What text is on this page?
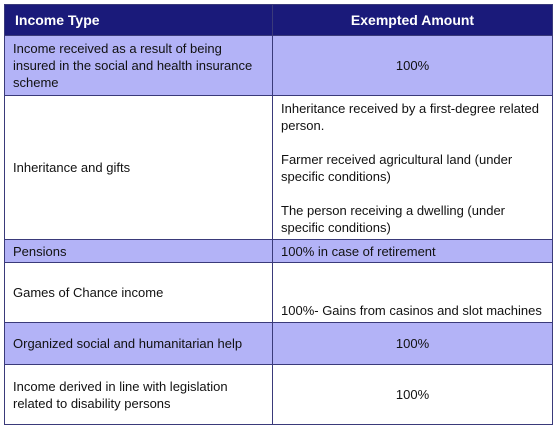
Income Type	Exempted Amount
Income received as a result of being insured in the social and health insurance scheme	100%

Inheritance and gifts	Inheritance received by a first-degree related person.
Farmer received agricultural land (under specific conditions)
The person receiving a dwelling (under specific conditions)

Pensions	100% in case of retirement

Games of Chance income	100%- Gains from casinos and slot machines

Organized social and humanitarian help	100%

Income derived in line with legislation related to disability persons	100%
